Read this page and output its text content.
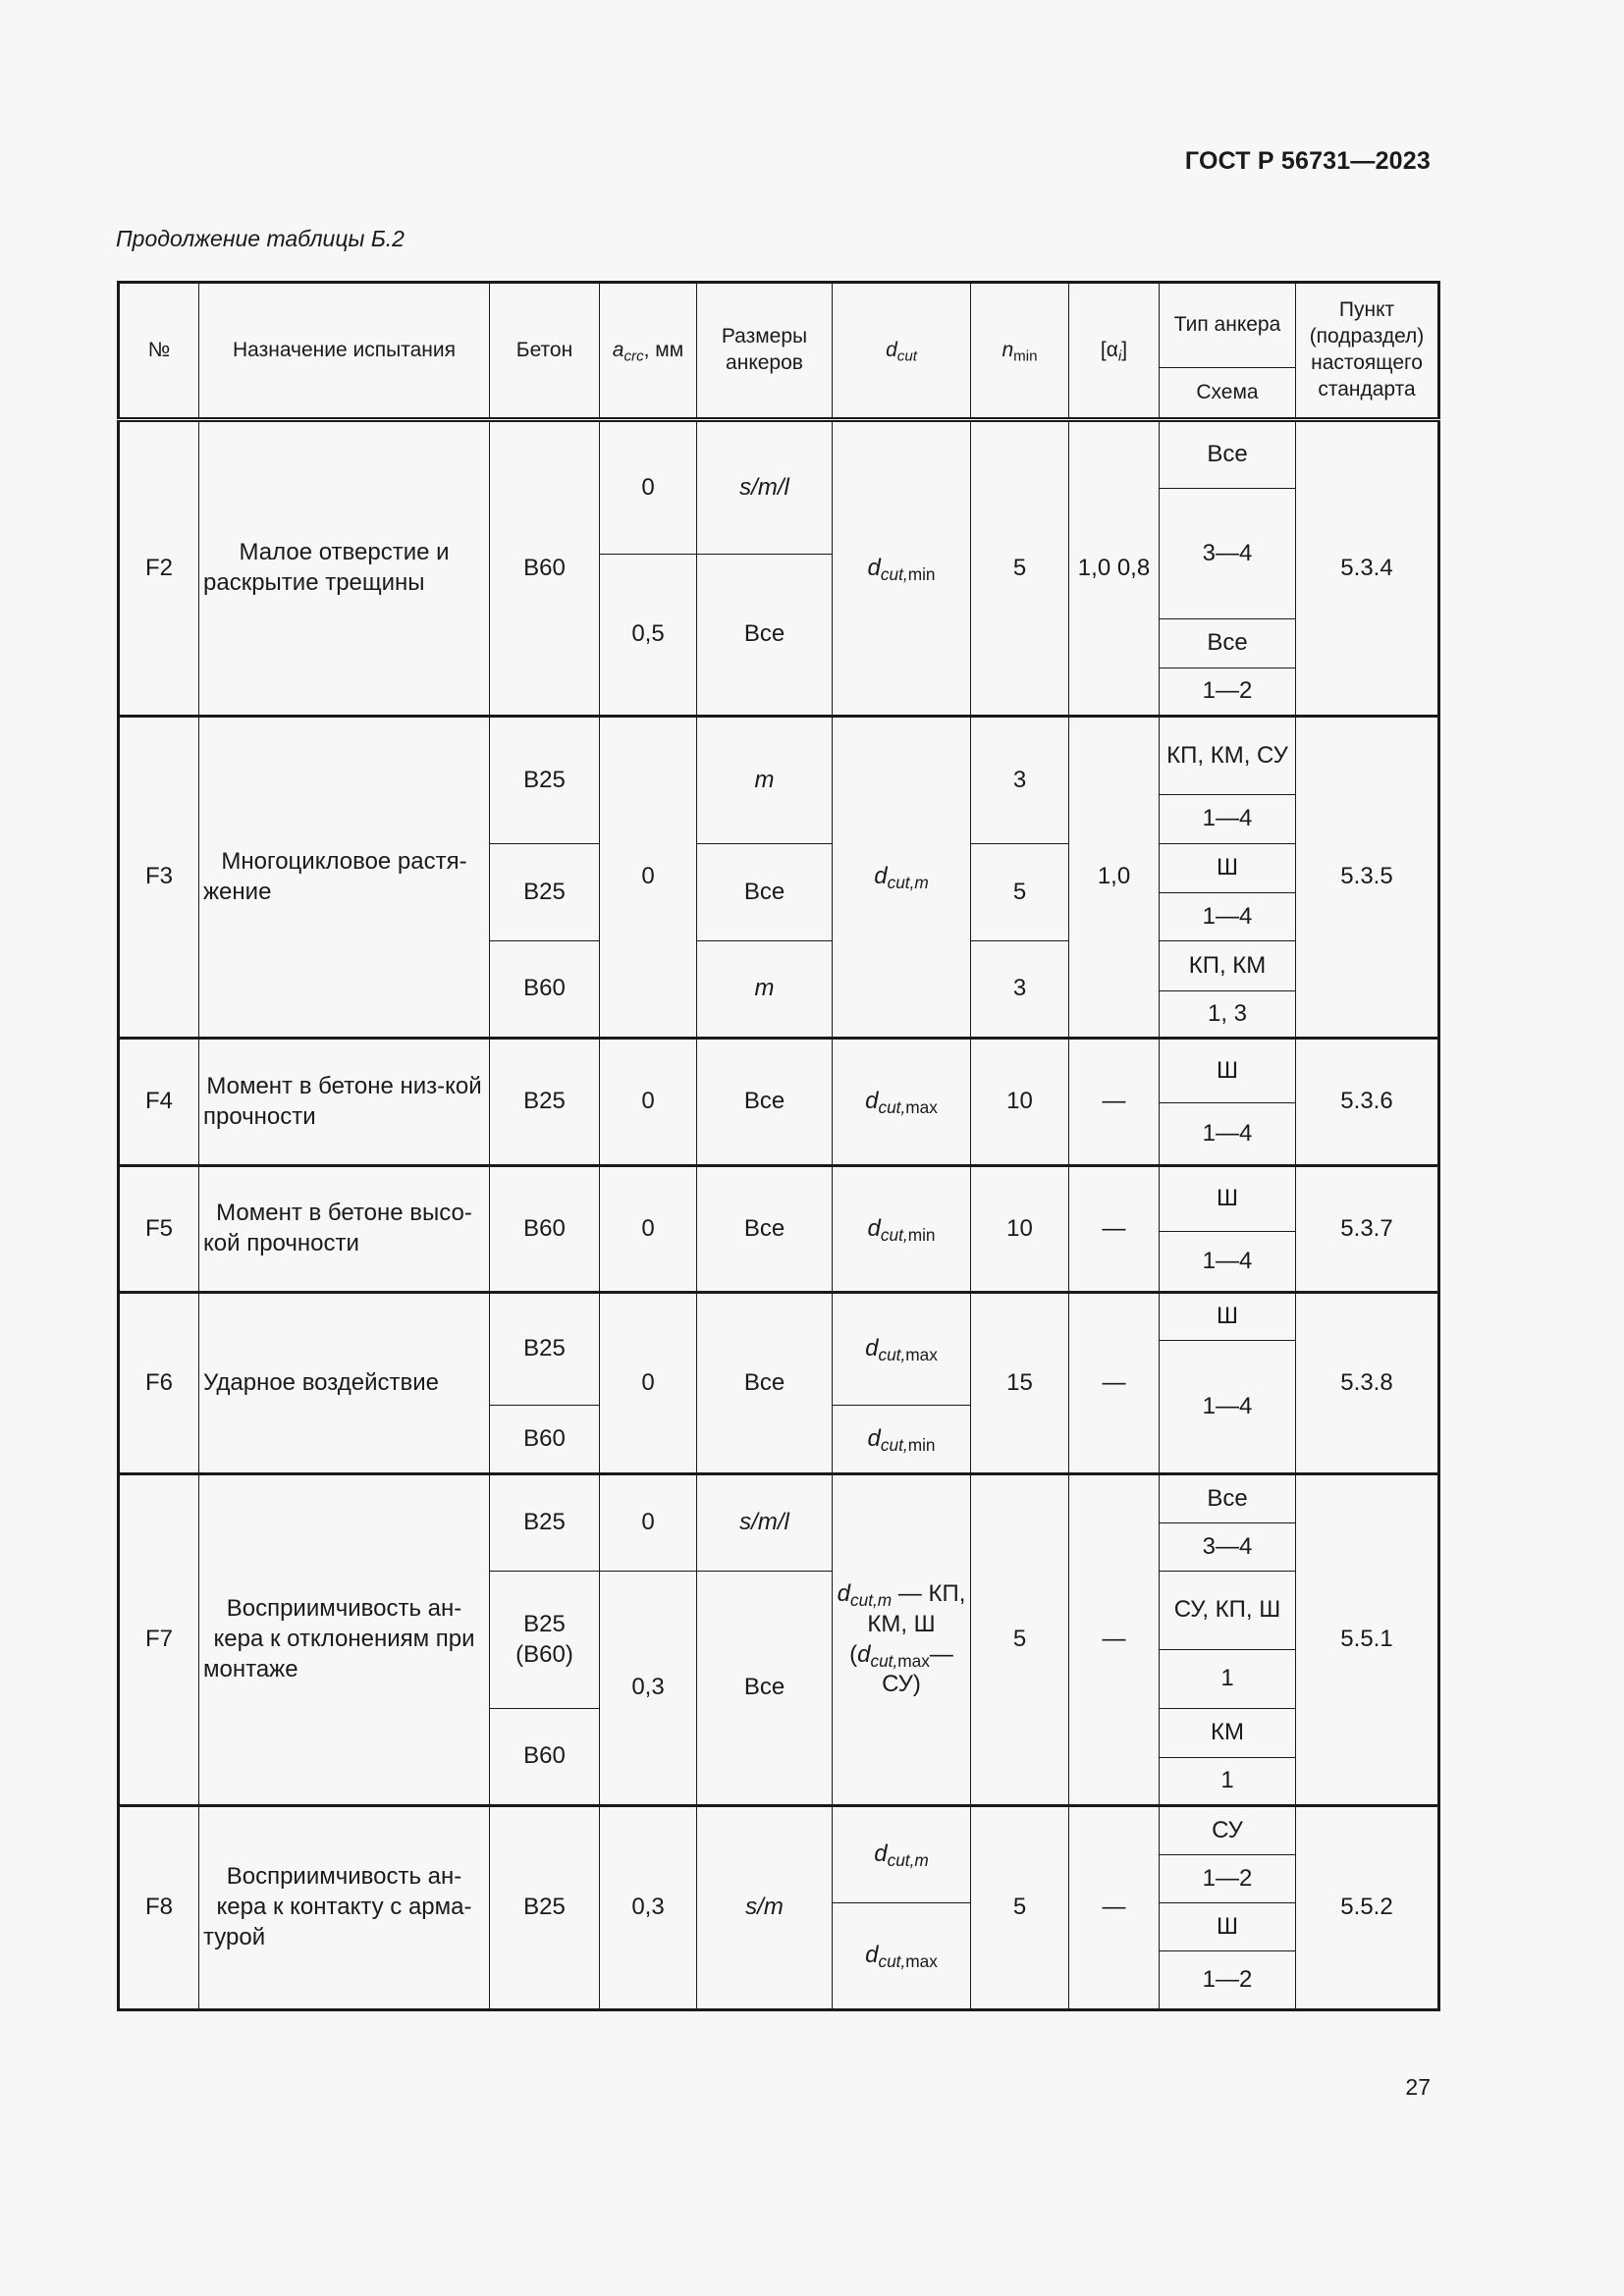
ГОСТ Р 56731—2023
Продолжение таблицы Б.2
№	Назначение испытания	Бетон	$a_{crc}$, мм	Размеры анкеров	$d_{cut}$	$n_{min}$	$[\alpha_i]$	Тип анкера	Пункт (подраздел) настоящего стандарта
								Схема	
F2	Малое отверстие и раскрытие трещины	B60	0	s/m/l	$d_{cut,min}$	5	1,0 0,8	Все	5.3.4
								3—4	
			0,5	Все					
								Все	
								1—2	
F3	Многоцикловое растя-жение	B25	0	m	$d_{cut,m}$	3	1,0	КП, КМ, СУ	5.3.5
								1—4	
		B25		Все		5		Ш	
								1—4	
		B60		m		3		КП, КМ	
								1, 3	
F4	Момент в бетоне низ-кой прочности	B25	0	Все	$d_{cut,max}$	10	—	Ш	5.3.6
								1—4	
F5	Момент в бетоне высо-кой прочности	B60	0	Все	$d_{cut,min}$	10	—	Ш	5.3.7
								1—4	
F6	Ударное воздействие	B25	0	Все	$d_{cut,max}$	15	—	Ш	5.3.8
								1—4	
		B60			$d_{cut,min}$
F7	Восприимчивость ан-кера к отклонениям при монтаже	B25	0	s/m/l	$d_{cut,m}$ — КП, КМ, Ш ($d_{cut,max}—$ СУ)	5	—	Все	5.5.1
								3—4	
		B25 (B60)	0,3	Все				СУ, КП, Ш	
								1	
		B60						КМ	
								1	
F8	Восприимчивость ан-кера к контакту с арма-турой	B25	0,3	s/m	$d_{cut,m}$	5	—	СУ	5.5.2
								1—2	
					$d_{cut,max}$			Ш	
								1—2	
27
